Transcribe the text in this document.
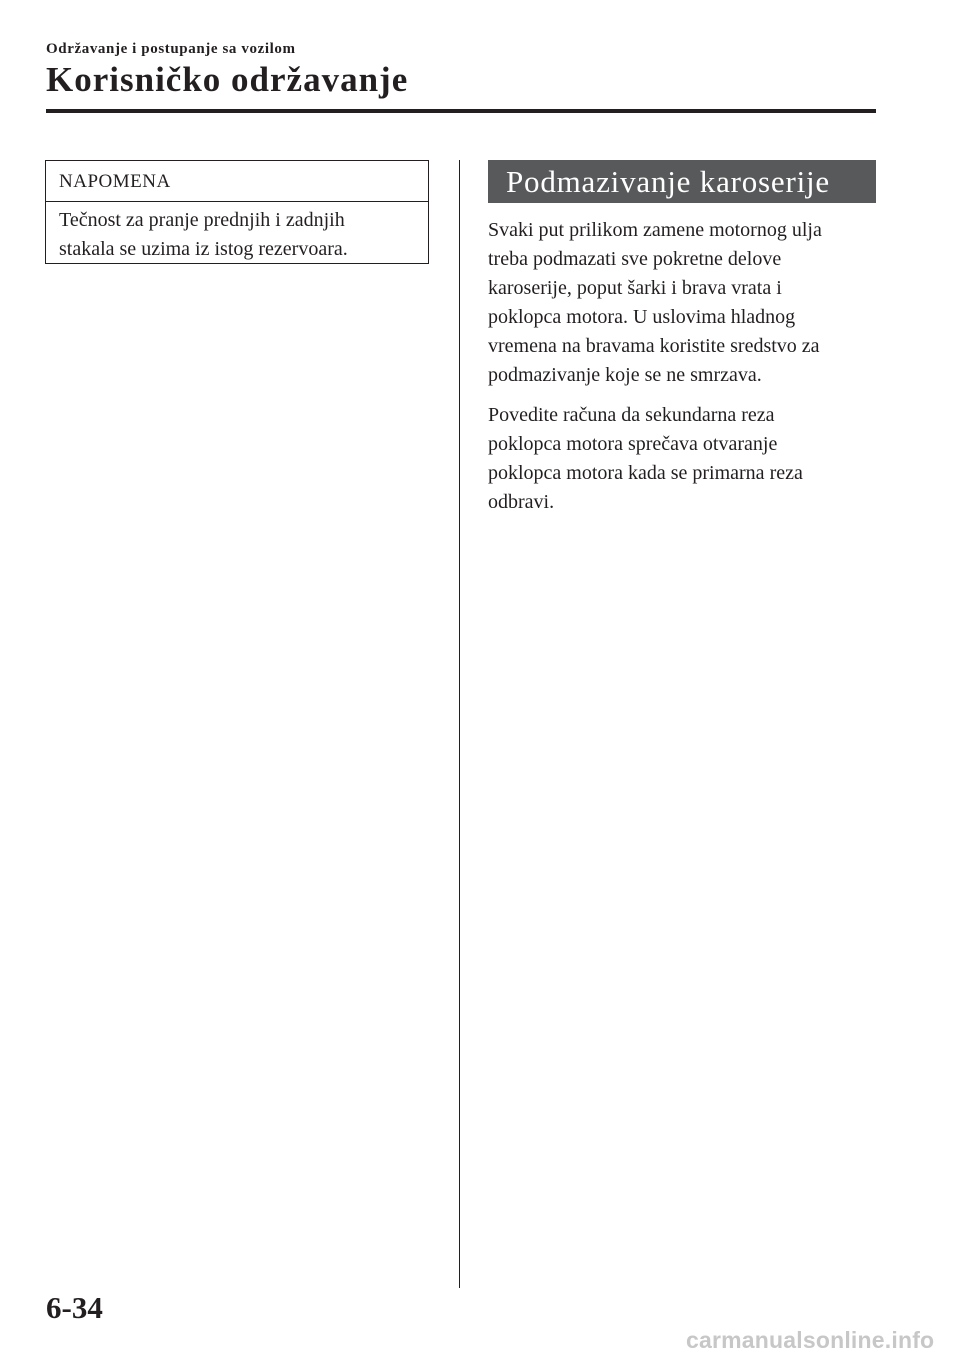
Održavanje i postupanje sa vozilom
Korisničko održavanje
NAPOMENA
Tečnost za pranje prednjih i zadnjih
stakala se uzima iz istog rezervoara.
Podmazivanje karoserije
Svaki put prilikom zamene motornog ulja
treba podmazati sve pokretne delove
karoserije, poput šarki i brava vrata i
poklopca motora. U uslovima hladnog
vremena na bravama koristite sredstvo za
podmazivanje koje se ne smrzava.
Povedite računa da sekundarna reza
poklopca motora sprečava otvaranje
poklopca motora kada se primarna reza
odbravi.
6-34
carmanualsonline.info
